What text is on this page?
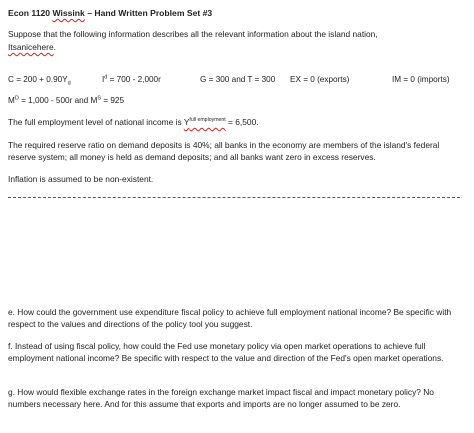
Econ 1120 Wissink – Hand Written Problem Set #3
Suppose that the following information describes all the relevant information about the island nation,
Itsanicehere.
$C = 200 + 0.90Y_d$	$I^d = 700 - 2,000r$	G = 300 and T = 300 EX = 0 (exports)	IM = 0 (imports)
$M^D = 1,000 - 500r$ and $M^S = 925$
The full employment level of national income is Y$^{full employment}$ = 6,500.
The required reserve ratio on demand deposits is 40%; all banks in the economy are members of the island's federal reserve system; all money is held as demand deposits; and all banks want zero in excess reserves.
Inflation is assumed to be non-existent.
e. How could the government use expenditure fiscal policy to achieve full employment national income? Be specific with respect to the values and directions of the policy tool you suggest.
f. Instead of using fiscal policy, how could the Fed use monetary policy via open market operations to achieve full employment national income? Be specific with respect to the value and direction of the Fed's open market operations.
g. How would flexible exchange rates in the foreign exchange market impact fiscal and impact monetary policy? No numbers necessary here. And for this assume that exports and imports are no longer assumed to be zero.
